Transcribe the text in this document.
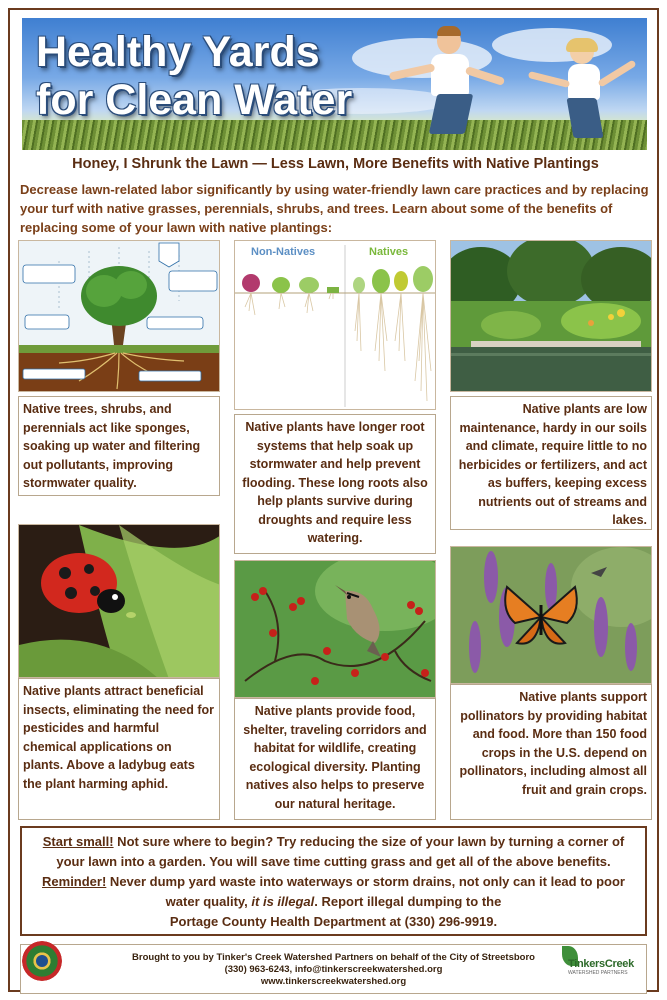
Healthy Yards
for Clean Water
Honey, I Shrunk the Lawn — Less Lawn, More Benefits with Native Plantings
Decrease lawn-related labor significantly by using water-friendly lawn care practices and by replacing your turf with native grasses, perennials, shrubs, and trees. Learn about some of the benefits of replacing some of your lawn with native plantings:
Native trees, shrubs, and perennials act like sponges, soaking up water and filtering out pollutants, improving stormwater quality.
Non-Natives	Natives
Native plants have longer root systems that help soak up stormwater and help prevent flooding. These long roots also help plants survive during droughts and require less watering.
Native plants are low maintenance, hardy in our soils and climate, require little to no herbicides or fertilizers, and act as buffers, keeping excess nutrients out of streams and lakes.
Native plants attract beneficial insects, eliminating the need for pesticides and harmful chemical applications on plants. Above a ladybug eats the plant harming aphid.
Native plants provide food, shelter, traveling corridors and habitat for wildlife, creating ecological diversity. Planting natives also helps to preserve our natural heritage.
Native plants support pollinators by providing habitat and food. More than 150 food crops in the U.S. depend on pollinators, including almost all fruit and grain crops.
Start small! Not sure where to begin? Try reducing the size of your lawn by turning a corner of your lawn into a garden. You will save time cutting grass and get all of the above benefits.
Reminder! Never dump yard waste into waterways or storm drains, not only can it lead to poor water quality, it is illegal. Report illegal dumping to the
Portage County Health Department at (330) 296-9919.
Brought to you by Tinker's Creek Watershed Partners on behalf of the City of Streetsboro
(330) 963-6243, info@tinkerscreekwatershed.org
www.tinkerscreekwatershed.org
TinkersCreek
WATERSHED PARTNERS
